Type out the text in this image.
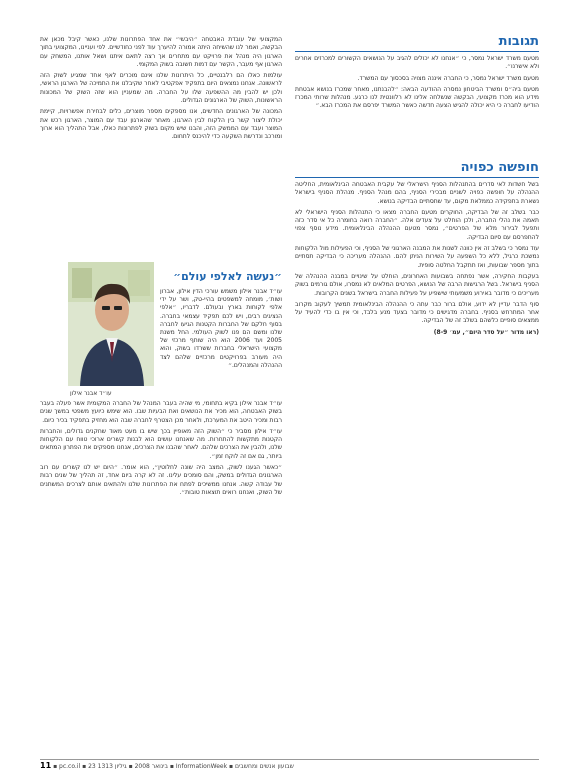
המקצועי של עובדת האבטחה ״היבשי״ את אחד הפתרונות שלנו, כאשר קיבל מכאן את הבקשה, ואמר לנו שהשיחה היתה אמורה להיערך עוד לפני כחודשיים. לפי ועניינו, המקצועי בתוך הארגון היה מנהל את פרויקט עם מתחרים אך רצה לתאם איתנו ושאל אותנו, המשחק עם הארגון אף מעבר, הקשר עם דמות חשובה בשוק המקומי.

עולמות כאלו הם רלבנטיים, כל היתרונות שלנו אינם מוכרים לאף אחד שמגיע לשוק הזה לראשונה. אנחנו נמצאים היום בתפקיד אפקטיבי לאחר שקיבלנו את התמיכה של הארגון הראשי, ולכן יש להבין מה ההשפעה שלו על החברה. מה שמעניין הוא שזה השוק של המכונות הראשונות, השוק של הארגונים הגדולים.

המכונה של הארגונים החדשים, אנו מספקים מספר מוצרים, כלים לבחירת אפשרויות, קיימת יכולת ליצור קשר בין הלקוח לבין הארגון. מאחר שהארגון עבד עם המוצר, הארגון רכש את המוצר ועבד עם הממשק הזה, והבנו שיש מקום בשוק לפתרונות כאלו, אבל התהליך הוא ארוך ומורכב ונדרשת השקעה כדי להיכנס לתחום.

עו״ד אבנר אילון
״נעשה לאלפי עולם״
עו״ד אבנר אילון משמש עורכי הדין אילון, אברון ושות׳, מומחה למשפטים בהיי-טק, ושר על ידי אלפי לקוחות בארץ ובעולם. לדבריו, ״אלפי הנציגים רבים, ויש לכם תפקיד עצמאי בחברה. בסוף חלקם של החברות הקטנות הגיעו לחברה שלנו ומשם הם פנו לשוק העולמי. החל משנת 2005 ועד 2006 הוא היה שותף מרכזי של מקצועי הישראלי בחברות ששרדו בשוק, והוא היה מעורב בפרויקטים מרכזיים שלהם לצד ההנהלה והמנהלים.״

עו״ד אבנר אילון בקיא בתחומי, מי שהיה בעבר המנהל של החברה המקומית אשר פעלה בעבר בשוק האבטחה, הוא מכיר את הנושאים ואת הבעיות שבו. הוא שימש כיועץ משפטי במשך שנים רבות ומכיר היטב את המערכת, ולאחר מכן הצטרף לחברה שבה הוא מחזיק בתפקיד בכיר כיום.

עו״ד אילון מסביר כי ״השוק הזה מאופיין בכך שיש בו מעט מאוד שחקנים גדולים, והחברות הקטנות מתקשות להתחרות. מה שאנחנו עושים הוא לבנות קשרים ארוכי טווח עם הלקוחות שלנו, ולהבין את הצרכים שלהם. לאחר שהבנו את הצרכים, אנחנו מספקים את הפתרון המתאים ביותר, גם אם זה לוקח זמן״.

״כאשר הגענו לשוק, המצב היה שונה לחלוטין״, הוא אומר. ״היום יש לנו קשרים עם רוב הארגונים הגדולים במשק, והם סומכים עלינו. זה לא קרה ביום אחד, זה תהליך של שנים רבות של עבודה קשה. אנחנו ממשיכים לפתח את הפתרונות שלנו ולהתאים אותם לצרכים המשתנים של השוק, ואנחנו רואים תוצאות טובות״.

תגובות

מטעם משרד ישראל נמסר, כי ״אנחנו לא יכולים להגיב על הנושאים הקשורים למכרזים אחרים ולא אישרנו״.

מטעם משרד ישראל נמסר, כי החברה איננה מצויה בסכסוך עם המשרד.

מטעם ביה״ס ומשרד הביטחון נמסרה ההודעה הבאה: ״להבנתנו, מאחר שמכרז בנושא אבטחת מידע הוא מכרז מקצועי, הבקשה שנשלחה אלינו לא רלוונטית לנו כרגע. מנהלות שרותי המכרז הודיעו לחברה כי היא יכולה להגיש הצעה חדשה כאשר המשרד יפרסם את המכרז הבא.״

חופשה כפויה

בשל חשדות לאי סדרים בהתנהלות הסניף הישראלי של עקבית האבטחה הבינלאומית, החליטה ההנהלה על חופשה כפויה לשניים מבכירי הסניף, בהם מנהל הסניף. מנהלת הסניף בישראל נשארת בתפקידה כממלאת מקום, עד שתסתיים הבדיקה בנושא.

כבר בשלב זה של הבדיקה, החוקרים מטעם החברה מצאו כי התנהלות הסניף הישראלי לא תאמה את נהלי החברה, ולכן הוחלט על צעדים אלה. ״החברה רואה בחומרה כל אי סדר כזה ותפעל לבירור מלא של הפרטים״, נמסר מטעם ההנהלה הבינלאומית. מידע נוסף צפוי להתפרסם עם סיום הבדיקה.

עוד נמסר כי בשלב זה אין כוונה לשנות את המבנה הארגוני של הסניף, וכי הפעילות מול הלקוחות נמשכת כרגיל, ללא כל השפעה על השירות הניתן להם. ההנהלה מעריכה כי הבדיקה תסתיים בתוך מספר שבועות, ואז תתקבל החלטה סופית.

בעקבות החקירה, אשר נפתחה בשבועות האחרונים, הוחלט על שינויים במבנה ההנהלה של הסניף בישראל. בשל הרגישות הרבה של הנושא, הפרטים המלאים לא נמסרו, אולם גורמים בשוק מעריכים כי מדובר באירוע משמעותי שישפיע על פעילות החברה בישראל בשנים הקרובות.

סוף הדבר עדיין לא ידוע, אולם ברור כבר עתה כי ההנהלה הבינלאומית תמשיך לעקוב מקרוב אחר המתרחש בסניף. בחברה מדגישים כי מדובר בצעד מנע בלבד, וכי אין בו כדי להעיד על ממצאים סופיים כלשהם בשלב זה של הבדיקה.

(ראו מדור ״על סדר היום״, עמ׳ 8-9)

11 ▪ pc.co.il ▪ 23 בינואר 2008 ▪ גיליון 1313	▪ InformationWeek ▪ שבועון אנשים ומחשבים
